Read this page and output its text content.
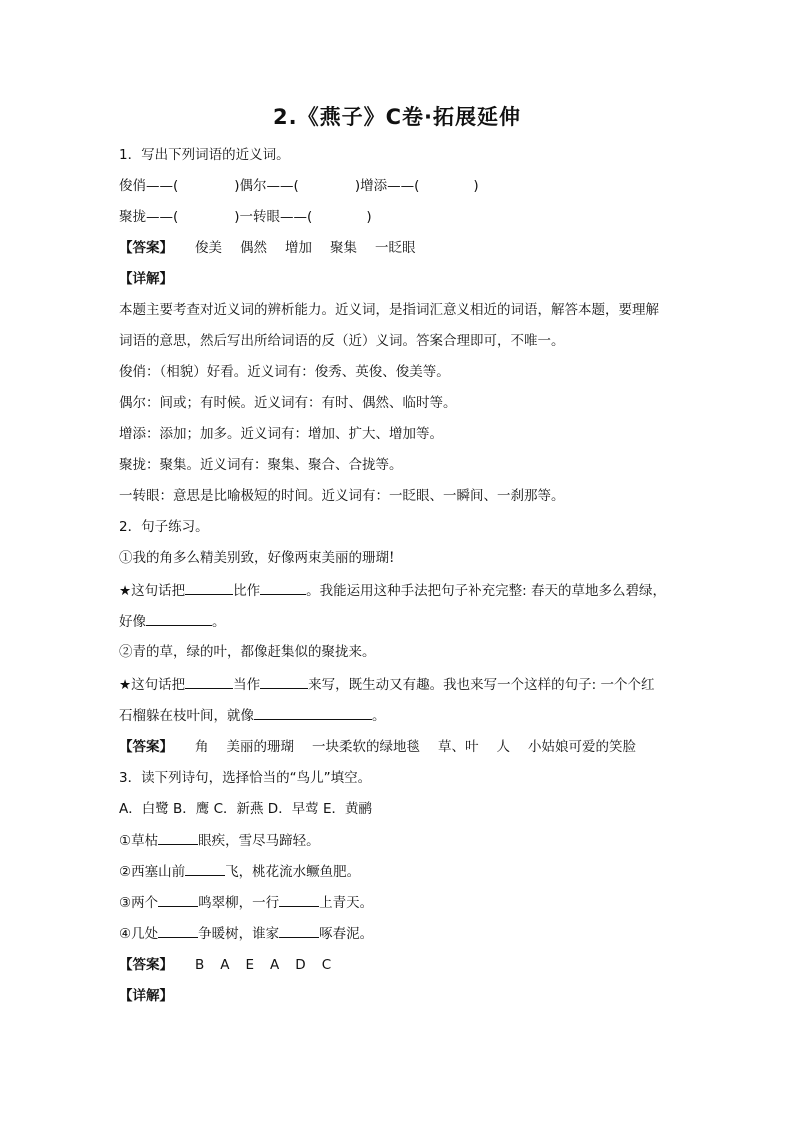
2.《燕子》C卷·拓展延伸
1．写出下列词语的近义词。
俊俏——(	)偶尔——(	)增添——(	)
聚拢——(	)一转眼——(	)
【答案】 俊美 偶然 增加 聚集 一眨眼
【详解】
本题主要考查对近义词的辨析能力。近义词，是指词汇意义相近的词语，解答本题，要理解
词语的意思，然后写出所给词语的反（近）义词。答案合理即可，不唯一。
俊俏：（相貌）好看。近义词有：俊秀、英俊、俊美等。
偶尔：间或；有时候。近义词有：有时、偶然、临时等。
增添：添加；加多。近义词有：增加、扩大、增加等。
聚拢：聚集。近义词有：聚集、聚合、合拢等。
一转眼：意思是比喻极短的时间。近义词有：一眨眼、一瞬间、一刹那等。
2．句子练习。
①我的角多么精美别致，好像两束美丽的珊瑚!
★这句话把	比作	。我能运用这种手法把句子补充完整: 春天的草地多么碧绿，
好像	。
②青的草，绿的叶，都像赶集似的聚拢来。
★这句话把	当作	来写，既生动又有趣。我也来写一个这样的句子: 一个个红
石榴躲在枝叶间，就像	。
【答案】 角 美丽的珊瑚 一块柔软的绿地毯 草、叶 人 小姑娘可爱的笑脸
3．读下列诗句，选择恰当的“鸟儿”填空。
A．白鹭 B．鹰 C．新燕 D．早莺 E．黄鹂
①草枯	眼疾，雪尽马蹄轻。
②西塞山前	飞，桃花流水鳜鱼肥。
③两个	鸣翠柳，一行	上青天。
④几处	争暖树，谁家	啄春泥。
【答案】 B A E A D C
【详解】
